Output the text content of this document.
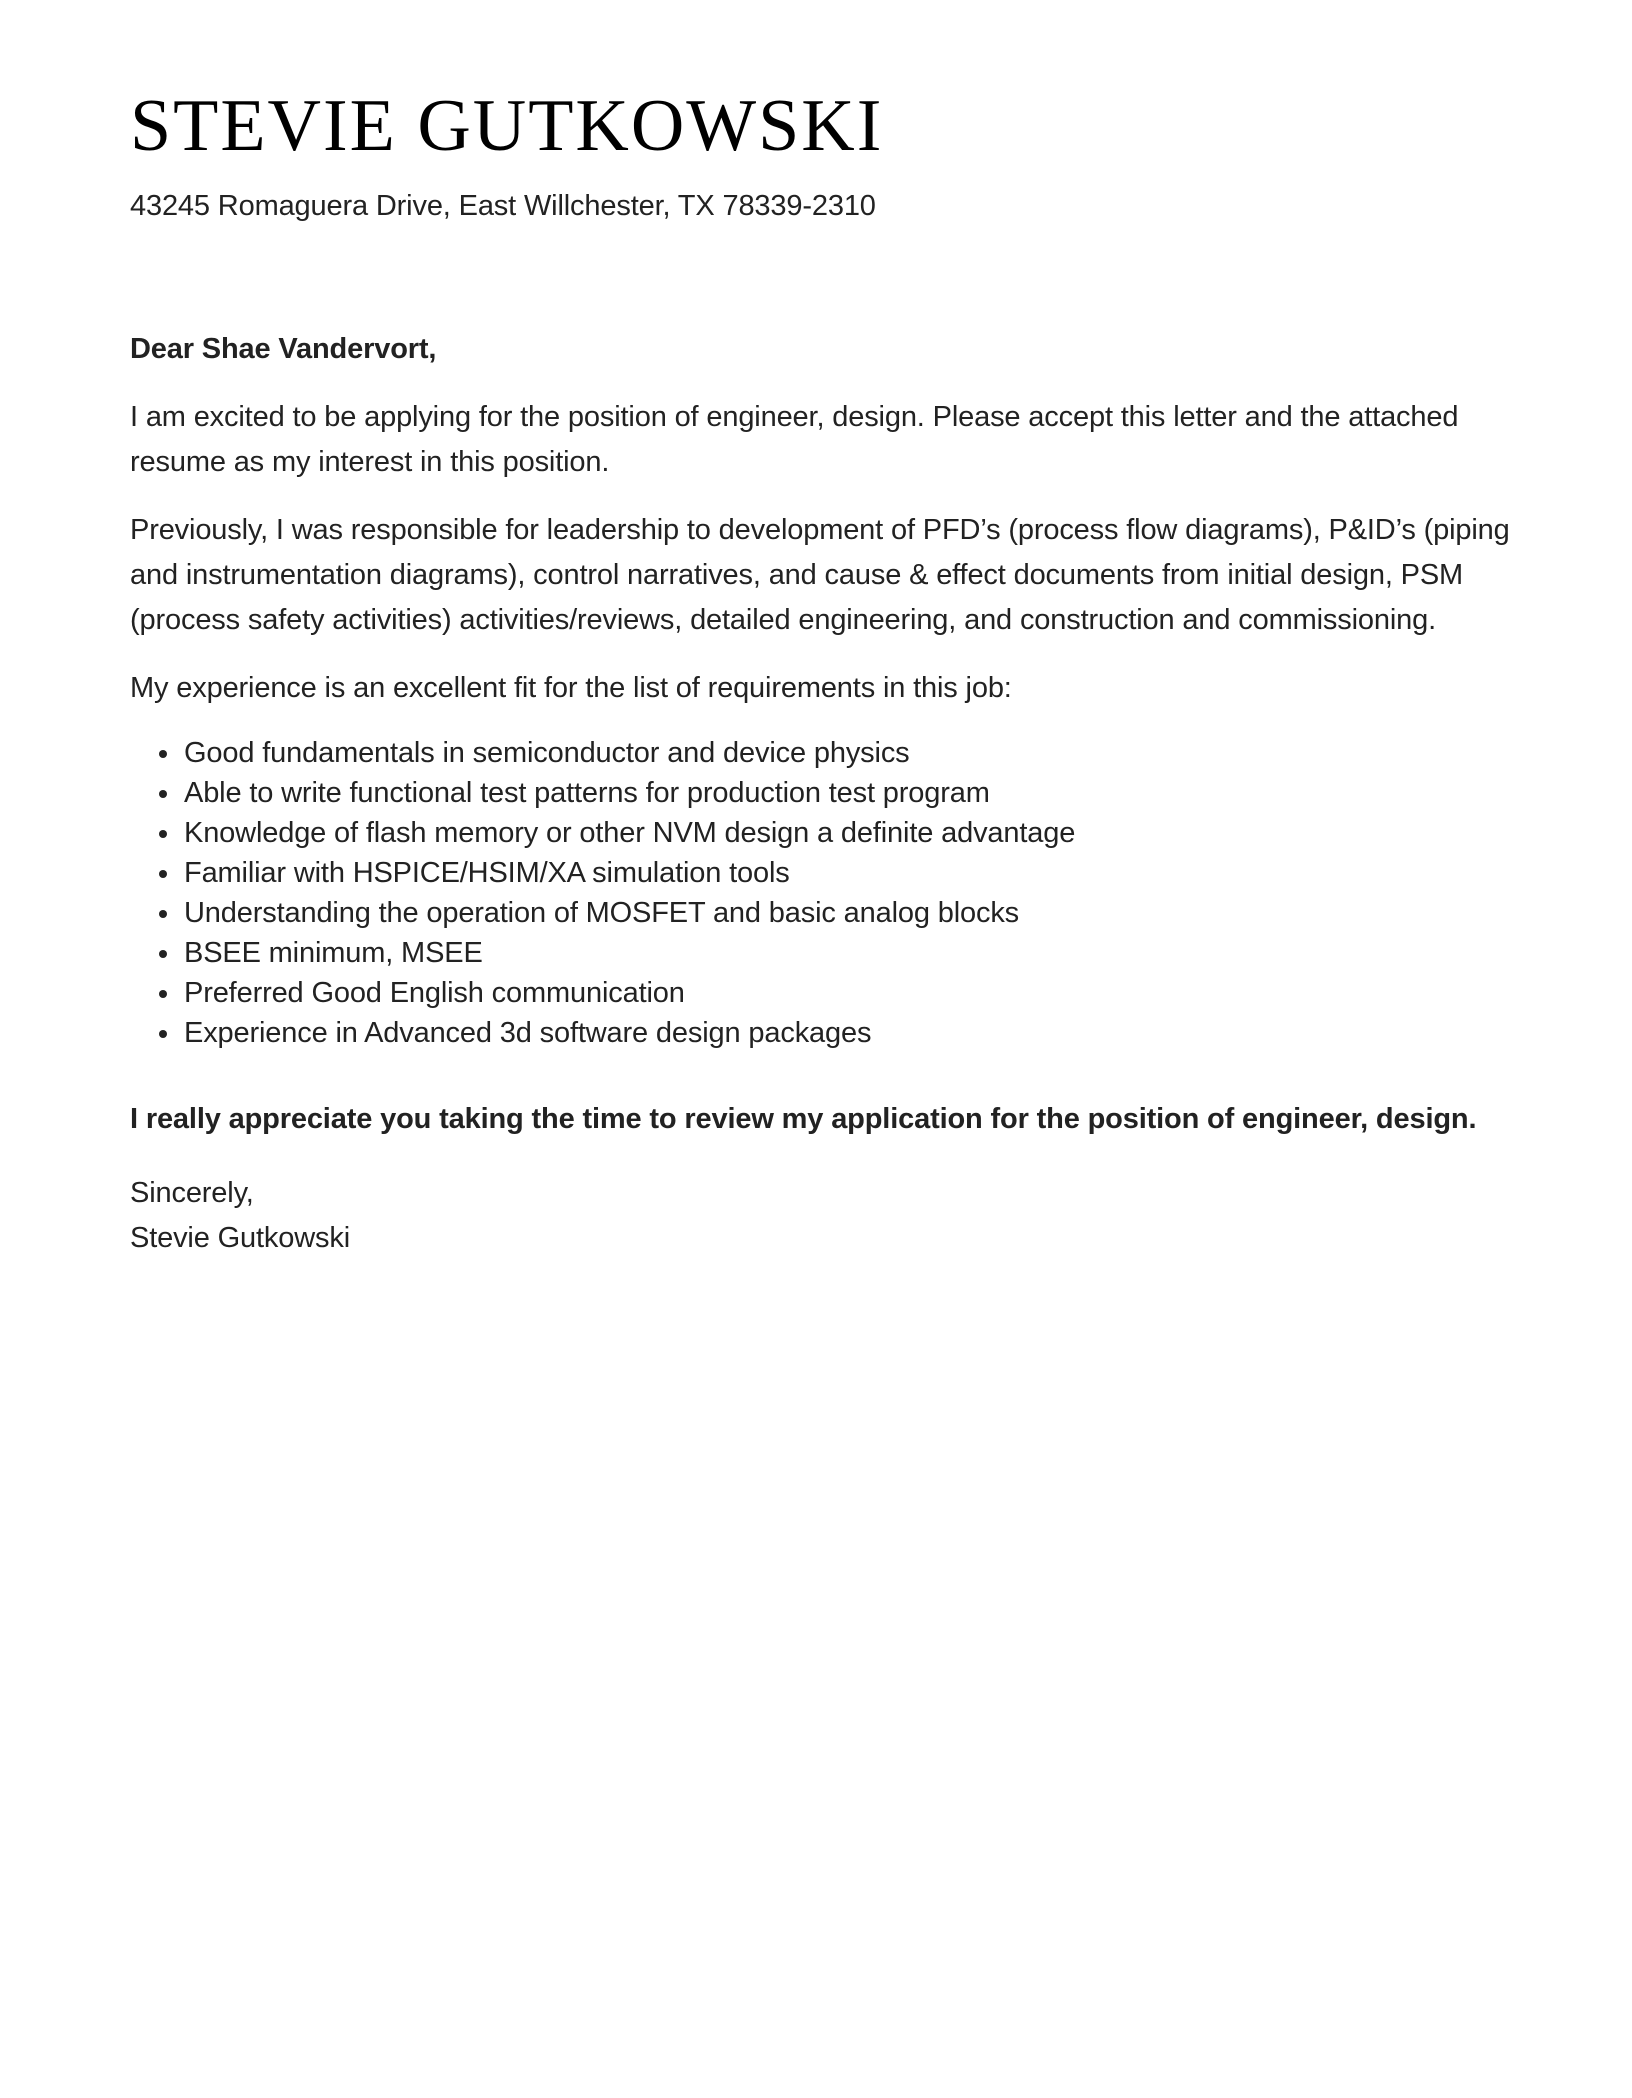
STEVIE GUTKOWSKI
43245 Romaguera Drive, East Willchester, TX 78339-2310
Dear Shae Vandervort,

I am excited to be applying for the position of engineer, design. Please accept this letter and the attached resume as my interest in this position.

Previously, I was responsible for leadership to development of PFD’s (process flow diagrams), P&ID’s (piping and instrumentation diagrams), control narratives, and cause & effect documents from initial design, PSM (process safety activities) activities/reviews, detailed engineering, and construction and commissioning.

My experience is an excellent fit for the list of requirements in this job:

• Good fundamentals in semiconductor and device physics
• Able to write functional test patterns for production test program
• Knowledge of flash memory or other NVM design a definite advantage
• Familiar with HSPICE/HSIM/XA simulation tools
• Understanding the operation of MOSFET and basic analog blocks
• BSEE minimum, MSEE
• Preferred Good English communication
• Experience in Advanced 3d software design packages

I really appreciate you taking the time to review my application for the position of engineer, design.

Sincerely,
Stevie Gutkowski
